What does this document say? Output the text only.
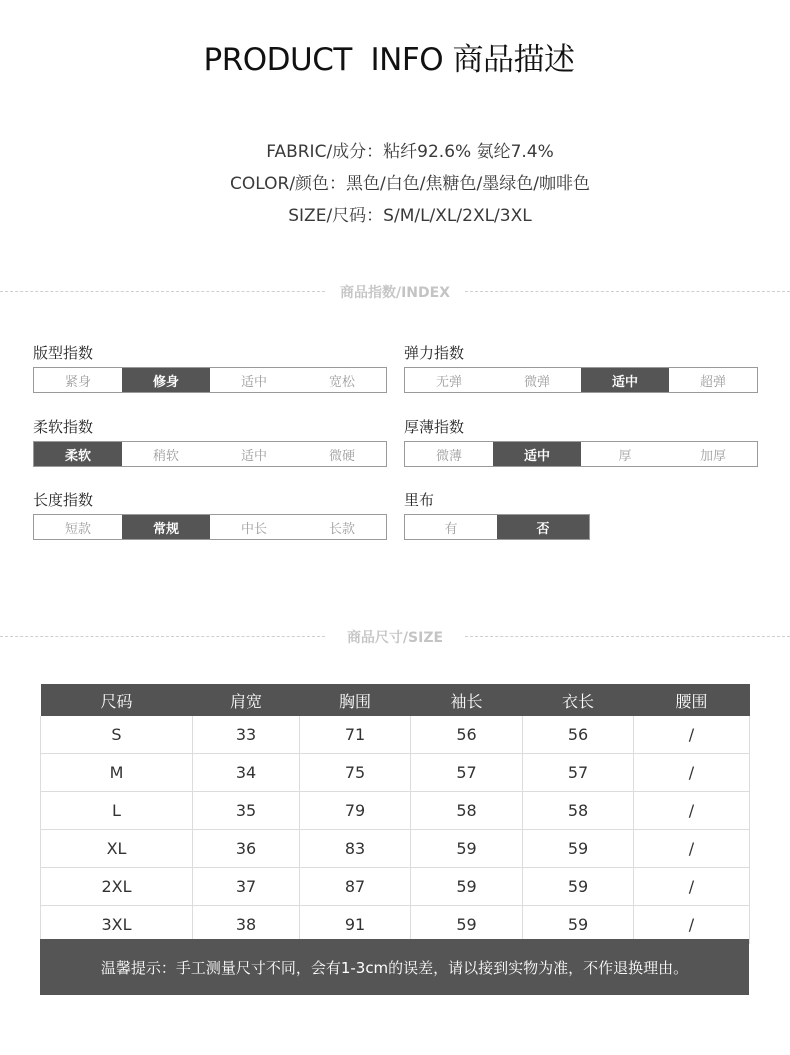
PRODUCT  INFO 商品描述
FABRIC/成分：粘纤92.6% 氨纶7.4%
COLOR/颜色：黑色/白色/焦糖色/墨绿色/咖啡色
SIZE/尺码：S/M/L/XL/2XL/3XL
商品指数/INDEX
版型指数
紧身	修身	适中	宽松
弹力指数
无弹	微弹	适中	超弹
柔软指数
柔软	稍软	适中	微硬
厚薄指数
微薄	适中	厚	加厚
长度指数
短款	常规	中长	长款
里布
有	否
商品尺寸/SIZE
尺码	肩宽	胸围	袖长	衣长	腰围
S	33	71	56	56	/
M	34	75	57	57	/
L	35	79	58	58	/
XL	36	83	59	59	/
2XL	37	87	59	59	/
3XL	38	91	59	59	/
温馨提示：手工测量尺寸不同，会有1-3cm的误差，请以接到实物为准，不作退换理由。
